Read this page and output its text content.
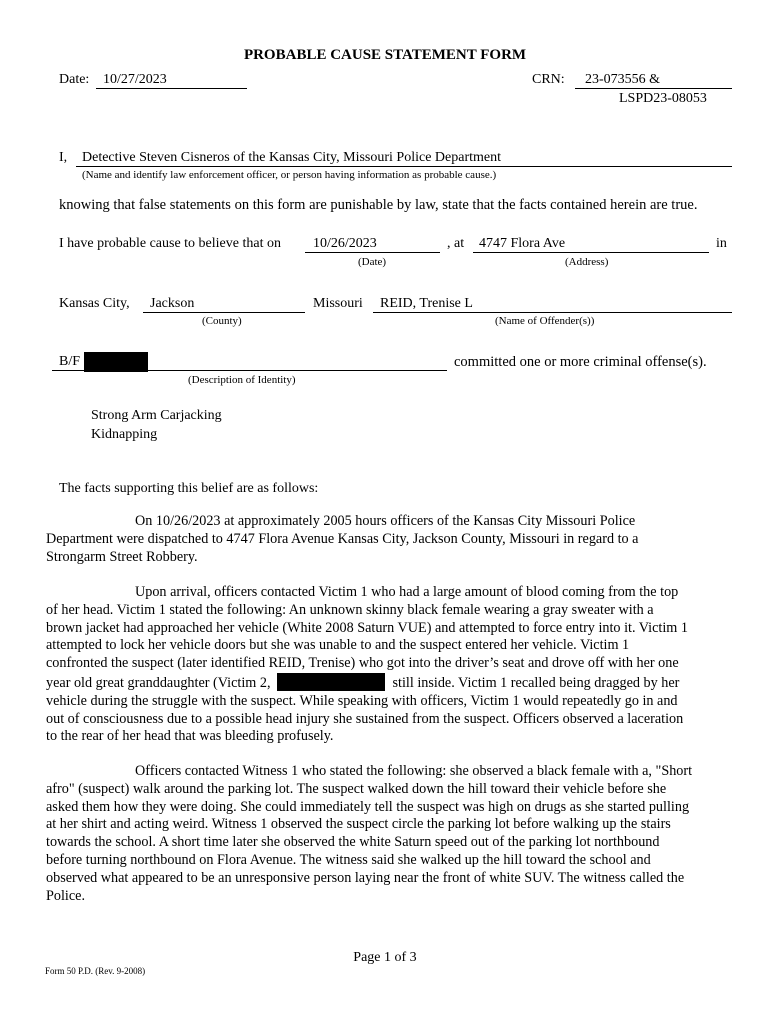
PROBABLE CAUSE STATEMENT FORM
Date: 10/27/2023	CRN: 23-073556 &
LSPD23-08053
I, Detective Steven Cisneros of the Kansas City, Missouri Police Department
(Name and identify law enforcement officer, or person having information as probable cause.)
knowing that false statements on this form are punishable by law, state that the facts contained herein are true.
I have probable cause to believe that on 10/26/2023	, at 4747 Flora Ave	in
(Date)	(Address)
Kansas City, Jackson	Missouri REID, Trenise L
(County)	(Name of Offender(s))
B/F	committed one or more criminal offense(s).
(Description of Identity)
Strong Arm Carjacking
Kidnapping
The facts supporting this belief are as follows:
On 10/26/2023 at approximately 2005 hours officers of the Kansas City Missouri Police
Department were dispatched to 4747 Flora Avenue Kansas City, Jackson County, Missouri in regard to a
Strongarm Street Robbery.
Upon arrival, officers contacted Victim 1 who had a large amount of blood coming from the top
of her head. Victim 1 stated the following: An unknown skinny black female wearing a gray sweater with a
brown jacket had approached her vehicle (White 2008 Saturn VUE) and attempted to force entry into it. Victim 1
attempted to lock her vehicle doors but she was unable to and the suspect entered her vehicle. Victim 1
confronted the suspect (later identified REID, Trenise) who got into the driver’s seat and drove off with her one
year old great granddaughter (Victim 2,	still inside. Victim 1 recalled being dragged by her
vehicle during the struggle with the suspect. While speaking with officers, Victim 1 would repeatedly go in and
out of consciousness due to a possible head injury she sustained from the suspect. Officers observed a laceration
to the rear of her head that was bleeding profusely.
Officers contacted Witness 1 who stated the following: she observed a black female with a, "Short
afro" (suspect) walk around the parking lot. The suspect walked down the hill toward their vehicle before she
asked them how they were doing. She could immediately tell the suspect was high on drugs as she started pulling
at her shirt and acting weird. Witness 1 observed the suspect circle the parking lot before walking up the stairs
towards the school. A short time later she observed the white Saturn speed out of the parking lot northbound
before turning northbound on Flora Avenue. The witness said she walked up the hill toward the school and
observed what appeared to be an unresponsive person laying near the front of white SUV. The witness called the
Police.
Page 1 of 3
Form 50 P.D. (Rev. 9-2008)
